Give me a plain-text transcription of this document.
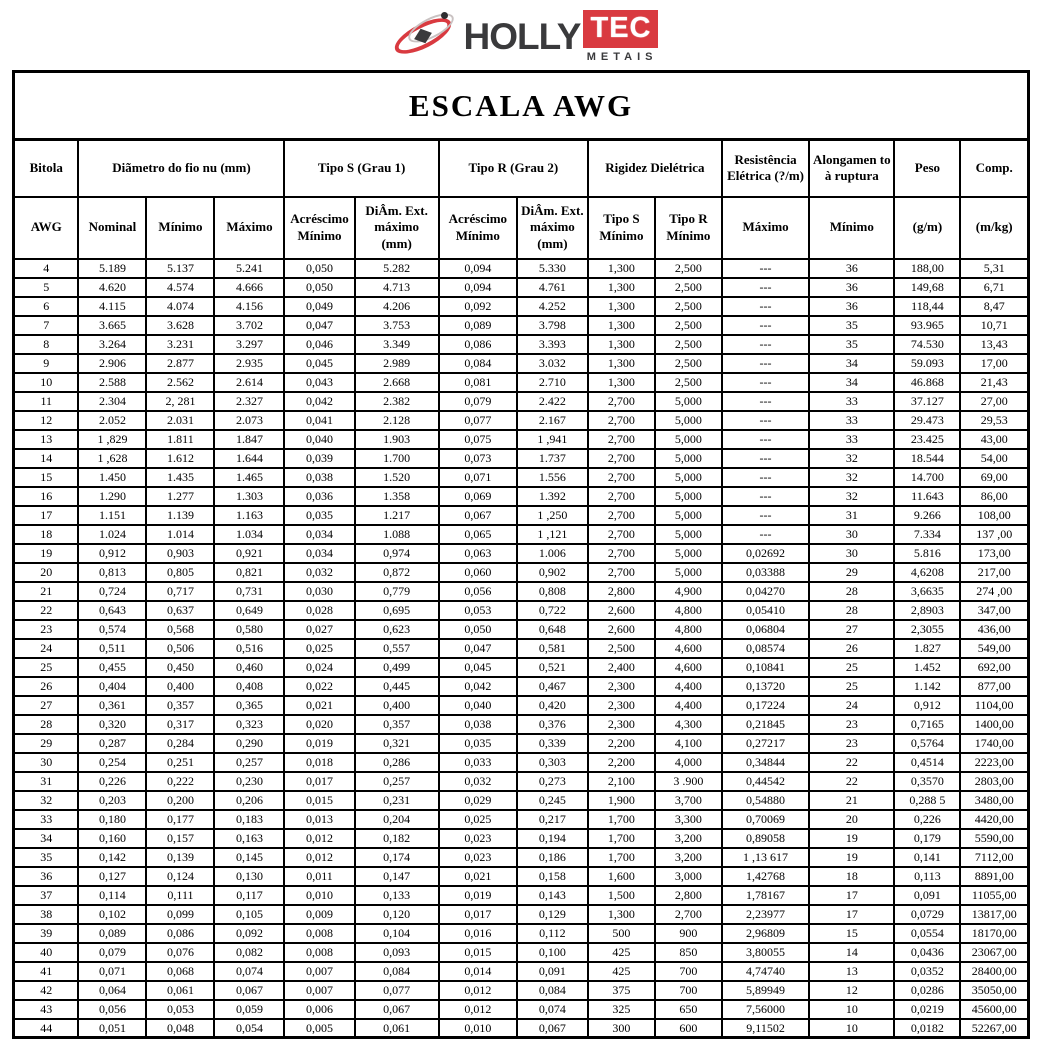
HOLLY TEC
METAIS
ESCALA AWG													
Bitola	Diãmetro do fio nu (mm)			Tipo S (Grau 1)		Tipo R (Grau 2)		Rigidez Dielétrica		Resistência Elétrica (?/m)	Alongamen to à ruptura	Peso	Comp.
AWG	Nominal	Mínimo	Máximo	Acréscimo Mínimo	DiÂm. Ext. máximo (mm)	Acréscimo Mínimo	DiÂm. Ext. máximo (mm)	Tipo S Mínimo	Tipo R Mínimo	Máximo	Mínimo	(g/m)	(m/kg)
4	5.189	5.137	5.241	0,050	5.282	0,094	5.330	1,300	2,500	---	36	188,00	5,31
5	4.620	4.574	4.666	0,050	4.713	0,094	4.761	1,300	2,500	---	36	149,68	6,71
6	4.115	4.074	4.156	0,049	4.206	0,092	4.252	1,300	2,500	---	36	118,44	8,47
7	3.665	3.628	3.702	0,047	3.753	0,089	3.798	1,300	2,500	---	35	93.965	10,71
8	3.264	3.231	3.297	0,046	3.349	0,086	3.393	1,300	2,500	---	35	74.530	13,43
9	2.906	2.877	2.935	0,045	2.989	0,084	3.032	1,300	2,500	---	34	59.093	17,00
10	2.588	2.562	2.614	0,043	2.668	0,081	2.710	1,300	2,500	---	34	46.868	21,43
11	2.304	2, 281	2.327	0,042	2.382	0,079	2.422	2,700	5,000	---	33	37.127	27,00
12	2.052	2.031	2.073	0,041	2.128	0,077	2.167	2,700	5,000	---	33	29.473	29,53
13	1 ,829	1.811	1.847	0,040	1.903	0,075	1 ,941	2,700	5,000	---	33	23.425	43,00
14	1 ,628	1.612	1.644	0,039	1.700	0,073	1.737	2,700	5,000	---	32	18.544	54,00
15	1.450	1.435	1.465	0,038	1.520	0,071	1.556	2,700	5,000	---	32	14.700	69,00
16	1.290	1.277	1.303	0,036	1.358	0,069	1.392	2,700	5,000	---	32	11.643	86,00
17	1.151	1.139	1.163	0,035	1.217	0,067	1 ,250	2,700	5,000	---	31	9.266	108,00
18	1.024	1.014	1.034	0,034	1.088	0,065	1 ,121	2,700	5,000	---	30	7.334	137 ,00
19	0,912	0,903	0,921	0,034	0,974	0,063	1.006	2,700	5,000	0,02692	30	5.816	173,00
20	0,813	0,805	0,821	0,032	0,872	0,060	0,902	2,700	5,000	0,03388	29	4,6208	217,00
21	0,724	0,717	0,731	0,030	0,779	0,056	0,808	2,800	4,900	0,04270	28	3,6635	274 ,00
22	0,643	0,637	0,649	0,028	0,695	0,053	0,722	2,600	4,800	0,05410	28	2,8903	347,00
23	0,574	0,568	0,580	0,027	0,623	0,050	0,648	2,600	4,800	0,06804	27	2,3055	436,00
24	0,511	0,506	0,516	0,025	0,557	0,047	0,581	2,500	4,600	0,08574	26	1.827	549,00
25	0,455	0,450	0,460	0,024	0,499	0,045	0,521	2,400	4,600	0,10841	25	1.452	692,00
26	0,404	0,400	0,408	0,022	0,445	0,042	0,467	2,300	4,400	0,13720	25	1.142	877,00
27	0,361	0,357	0,365	0,021	0,400	0,040	0,420	2,300	4,400	0,17224	24	0,912	1104,00
28	0,320	0,317	0,323	0,020	0,357	0,038	0,376	2,300	4,300	0,21845	23	0,7165	1400,00
29	0,287	0,284	0,290	0,019	0,321	0,035	0,339	2,200	4,100	0,27217	23	0,5764	1740,00
30	0,254	0,251	0,257	0,018	0,286	0,033	0,303	2,200	4,000	0,34844	22	0,4514	2223,00
31	0,226	0,222	0,230	0,017	0,257	0,032	0,273	2,100	3 .900	0,44542	22	0,3570	2803,00
32	0,203	0,200	0,206	0,015	0,231	0,029	0,245	1,900	3,700	0,54880	21	0,288 5	3480,00
33	0,180	0,177	0,183	0,013	0,204	0,025	0,217	1,700	3,300	0,70069	20	0,226	4420,00
34	0,160	0,157	0,163	0,012	0,182	0,023	0,194	1,700	3,200	0,89058	19	0,179	5590,00
35	0,142	0,139	0,145	0,012	0,174	0,023	0,186	1,700	3,200	1 ,13 617	19	0,141	7112,00
36	0,127	0,124	0,130	0,011	0,147	0,021	0,158	1,600	3,000	1,42768	18	0,113	8891,00
37	0,114	0,111	0,117	0,010	0,133	0,019	0,143	1,500	2,800	1,78167	17	0,091	11055,00
38	0,102	0,099	0,105	0,009	0,120	0,017	0,129	1,300	2,700	2,23977	17	0,0729	13817,00
39	0,089	0,086	0,092	0,008	0,104	0,016	0,112	500	900	2,96809	15	0,0554	18170,00
40	0,079	0,076	0,082	0,008	0,093	0,015	0,100	425	850	3,80055	14	0,0436	23067,00
41	0,071	0,068	0,074	0,007	0,084	0,014	0,091	425	700	4,74740	13	0,0352	28400,00
42	0,064	0,061	0,067	0,007	0,077	0,012	0,084	375	700	5,89949	12	0,0286	35050,00
43	0,056	0,053	0,059	0,006	0,067	0,012	0,074	325	650	7,56000	10	0,0219	45600,00
44	0,051	0,048	0,054	0,005	0,061	0,010	0,067	300	600	9,11502	10	0,0182	52267,00
